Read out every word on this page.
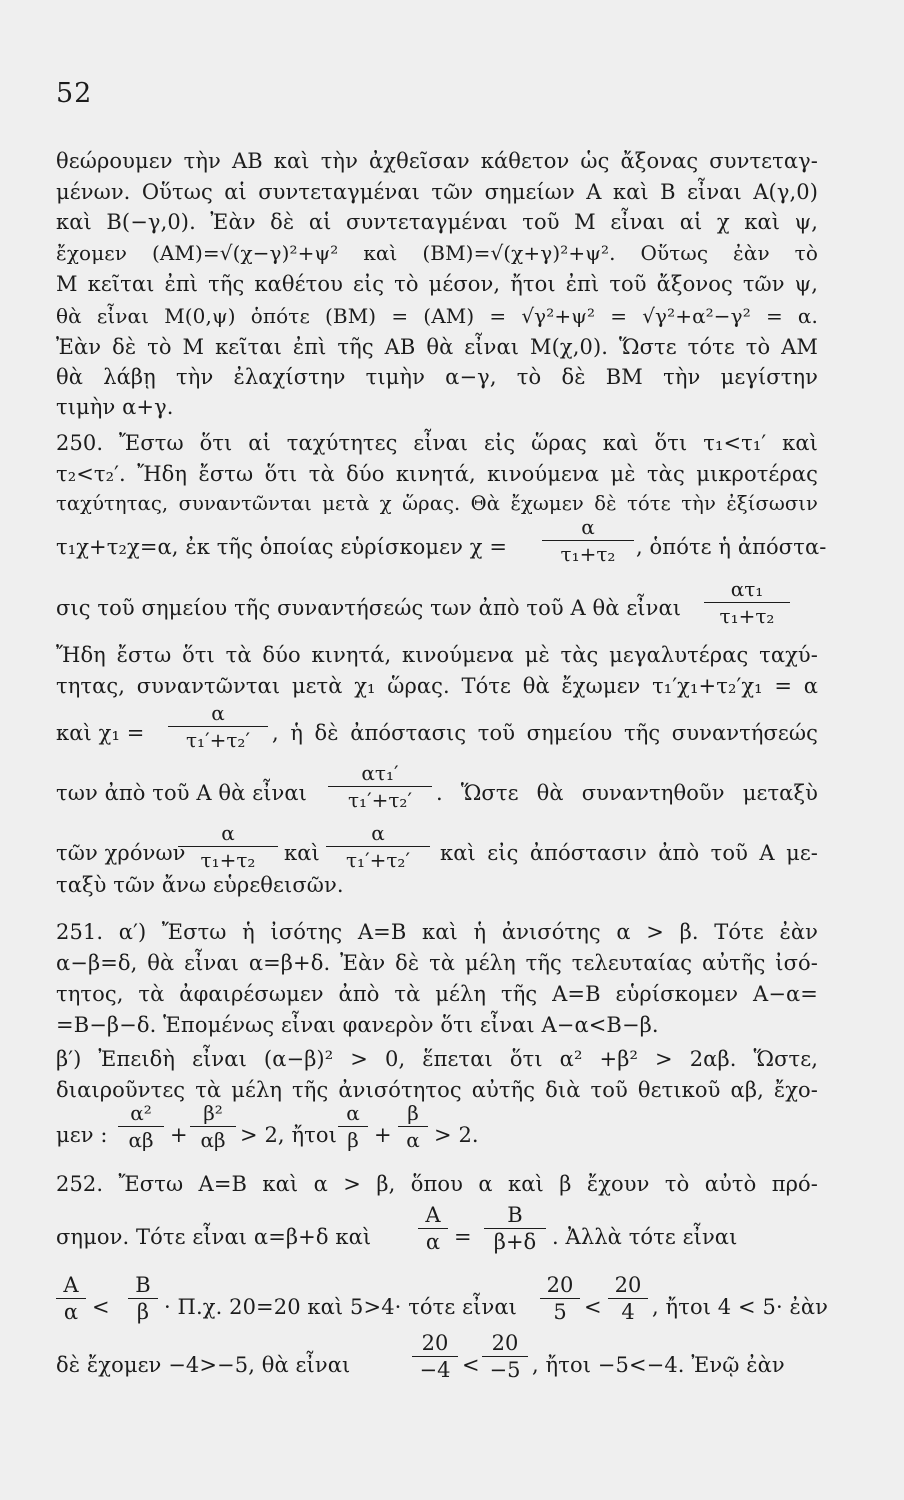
52
θεώρουμεν τὴν ΑΒ καὶ τὴν ἀχθεῖσαν κάθετον ὡς ἄξονας συντεταγ-
μένων. Οὕτως αἱ συντεταγμέναι τῶν σημείων Α καὶ Β εἶναι Α(γ,0)
καὶ Β(−γ,0). Ἐὰν δὲ αἱ συντεταγμέναι τοῦ Μ εἶναι αἱ χ καὶ ψ,
ἔχομεν (ΑΜ)=√(χ−γ)²+ψ² καὶ (ΒΜ)=√(χ+γ)²+ψ². Οὕτως ἐὰν τὸ
Μ κεῖται ἐπὶ τῆς καθέτου εἰς τὸ μέσον, ἤτοι ἐπὶ τοῦ ἄξονος τῶν ψ,
θὰ εἶναι Μ(0,ψ) ὁπότε (ΒΜ) = (ΑΜ) = √γ²+ψ² = √γ²+α²−γ² = α.
Ἐὰν δὲ τὸ Μ κεῖται ἐπὶ τῆς ΑΒ θὰ εἶναι Μ(χ,0). Ὥστε τότε τὸ ΑΜ
θὰ λάβῃ τὴν ἐλαχίστην τιμὴν α−γ, τὸ δὲ ΒΜ τὴν μεγίστην
τιμὴν α+γ.
250. Ἔστω ὅτι αἱ ταχύτητες εἶναι εἰς ὥρας καὶ ὅτι τ₁<τ₁′ καὶ
τ₂<τ₂′. Ἤδη ἔστω ὅτι τὰ δύο κινητά, κινούμενα μὲ τὰς μικροτέρας
ταχύτητας, συναντῶνται μετὰ χ ὥρας. Θὰ ἔχωμεν δὲ τότε τὴν ἐξίσωσιν
τ₁χ+τ₂χ=α, ἐκ τῆς ὁποίας εὑρίσκομεν $\chi = \frac{\alpha}{\text{τ₁+τ₂}}$ , ὁπότε ἡ ἀπόστα-
σις τοῦ σημείου τῆς συναντήσεώς των ἀπὸ τοῦ Α θὰ εἶναι $\frac{\text{ατ₁}}{\text{τ₁+τ₂}}$
Ἤδη ἔστω ὅτι τὰ δύο κινητά, κινούμενα μὲ τὰς μεγαλυτέρας ταχύ-
τητας, συναντῶνται μετὰ χ₁ ὥρας. Τότε θὰ ἔχωμεν τ₁′χ₁+τ₂′χ₁ = α
καὶ $\chi_1 = \frac{\alpha}{\text{τ₁′+τ₂′}}$ , ἡ δὲ ἀπόστασις τοῦ σημείου τῆς συναντήσεώς
των ἀπὸ τοῦ Α θὰ εἶναι $\frac{\text{ατ₁′}}{\text{τ₁′+τ₂′}}$ . Ὥστε θὰ συναντηθοῦν μεταξὺ
τῶν χρόνων
$\frac{\alpha}{\text{τ₁+τ₂}}$ καὶ $\frac{\alpha}{\text{τ₁′+τ₂′}}$ καὶ εἰς ἀπόστασιν ἀπὸ τοῦ Α με-
ταξὺ τῶν ἄνω εὑρεθεισῶν.
251. α′) Ἔστω ἡ ἰσότης Α=Β καὶ ἡ ἀνισότης α > β. Τότε ἐὰν
α−β=δ, θὰ εἶναι α=β+δ. Ἐὰν δὲ τὰ μέλη τῆς τελευταίας αὐτῆς ἰσό-
τητος, τὰ ἀφαιρέσωμεν ἀπὸ τὰ μέλη τῆς Α=Β εὑρίσκομεν Α−α=
=Β−β−δ. Ἑπομένως εἶναι φανερὸν ὅτι εἶναι Α−α<Β−β.
β′) Ἐπειδὴ εἶναι (α−β)² > 0, ἕπεται ὅτι α² +β² > 2αβ. Ὥστε,
διαιροῦντες τὰ μέλη τῆς ἀνισότητος αὐτῆς διὰ τοῦ θετικοῦ αβ, ἔχο-
μεν : $\frac{\text{α²}}{\alpha\beta} + \frac{\text{β²}}{\alpha\beta} > 2$, ἤτοι $\frac{\alpha}{\beta} + \frac{\beta}{\alpha} > 2$.
252. Ἔστω Α=Β καὶ α > β, ὅπου α καὶ β ἔχουν τὸ αὐτὸ πρό-
σημον. Τότε εἶναι α=β+δ καὶ $\frac{A}{\alpha} = \frac{B}{\beta+\delta}$ . Ἀλλὰ τότε εἶναι
$\frac{A}{\alpha} < \frac{B}{\beta} \cdot \Pi.\chi$. 20=20 καὶ 5>4· τότε εἶναι $\frac{20}{5} < \frac{20}{4}$ , ἤτοι 4 < 5· ἐὰν
δὲ ἔχομεν −4>−5, θὰ εἶναι	$\frac{20}{-4} < \frac{20}{-5}$ , ἤτοι −5<−4. Ἐνῷ ἐὰν
